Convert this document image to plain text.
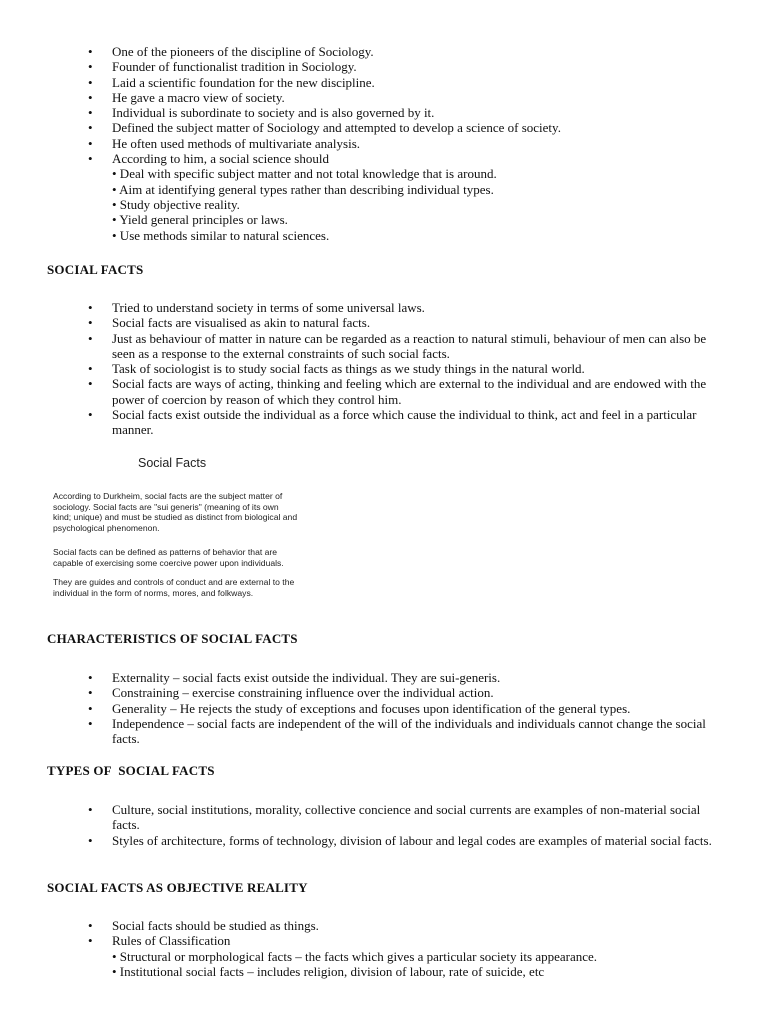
• One of the pioneers of the discipline of Sociology.
• Founder of functionalist tradition in Sociology.
• Laid a scientific foundation for the new discipline.
• He gave a macro view of society.
• Individual is subordinate to society and is also governed by it.
• Defined the subject matter of Sociology and attempted to develop a science of society.
• He often used methods of multivariate analysis.
• According to him, a social science should
• Deal with specific subject matter and not total knowledge that is around.
• Aim at identifying general types rather than describing individual types.
• Study objective reality.
• Yield general principles or laws.
• Use methods similar to natural sciences.
SOCIAL FACTS
• Tried to understand society in terms of some universal laws.
• Social facts are visualised as akin to natural facts.
• Just as behaviour of matter in nature can be regarded as a reaction to natural stimuli, behaviour of men can also be seen as a response to the external constraints of such social facts.
• Task of sociologist is to study social facts as things as we study things in the natural world.
• Social facts are ways of acting, thinking and feeling which are external to the individual and are endowed with the power of coercion by reason of which they control him.
• Social facts exist outside the individual as a force which cause the individual to think, act and feel in a particular manner.
Social Facts

According to Durkheim, social facts are the subject matter of sociology. Social facts are "sui generis" (meaning of its own kind; unique) and must be studied as distinct from biological and psychological phenomenon.

Social facts can be defined as patterns of behavior that are capable of exercising some coercive power upon individuals.

They are guides and controls of conduct and are external to the individual in the form of norms, mores, and folkways.

CHARACTERISTICS OF SOCIAL FACTS
• Externality – social facts exist outside the individual. They are sui-generis.
• Constraining – exercise constraining influence over the individual action.
• Generality – He rejects the study of exceptions and focuses upon identification of the general types.
• Independence – social facts are independent of the will of the individuals and individuals cannot change the social facts.
TYPES OF  SOCIAL FACTS
• Culture, social institutions, morality, collective concience and social currents are examples of non-material social facts.
• Styles of architecture, forms of technology, division of labour and legal codes are examples of material social facts.
SOCIAL FACTS AS OBJECTIVE REALITY
• Social facts should be studied as things.
• Rules of Classification
• Structural or morphological facts – the facts which gives a particular society its appearance.
• Institutional social facts – includes religion, division of labour, rate of suicide, etc
